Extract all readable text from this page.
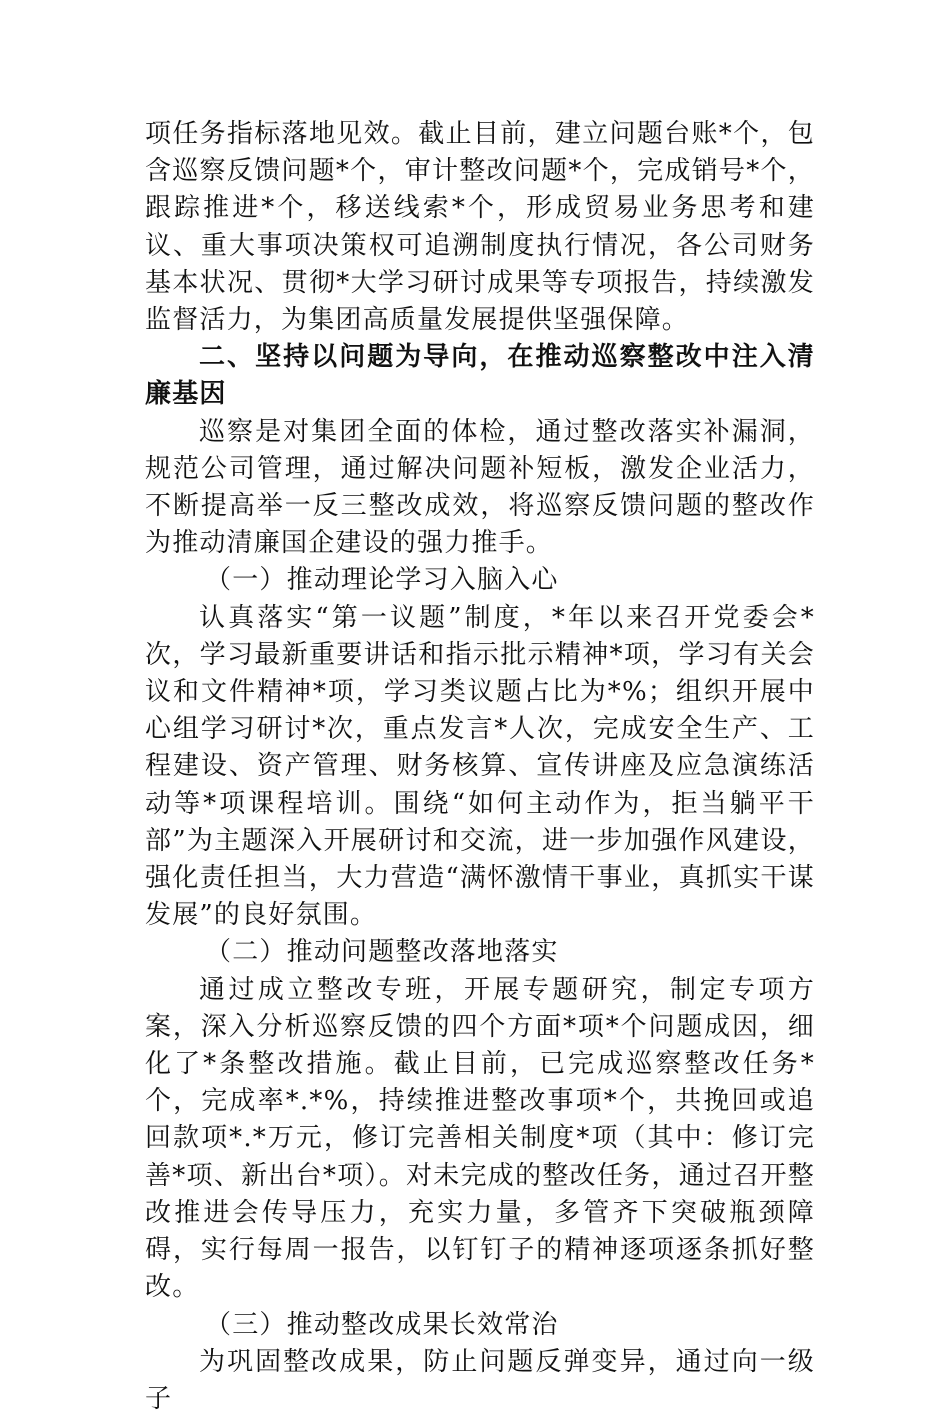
项任务指标落地见效。截止目前，建立问题台账*个，包含巡察反馈问题*个，审计整改问题*个，完成销号*个，跟踪推进*个，移送线索*个，形成贸易业务思考和建议、重大事项决策权可追溯制度执行情况，各公司财务基本状况、贯彻*大学习研讨成果等专项报告，持续激发监督活力，为集团高质量发展提供坚强保障。

二、坚持以问题为导向，在推动巡察整改中注入清廉基因

巡察是对集团全面的体检，通过整改落实补漏洞，规范公司管理，通过解决问题补短板，激发企业活力，不断提高举一反三整改成效，将巡察反馈问题的整改作为推动清廉国企建设的强力推手。

（一）推动理论学习入脑入心

认真落实“第一议题”制度，*年以来召开党委会*次，学习最新重要讲话和指示批示精神*项，学习有关会议和文件精神*项，学习类议题占比为*%；组织开展中心组学习研讨*次，重点发言*人次，完成安全生产、工程建设、资产管理、财务核算、宣传讲座及应急演练活动等*项课程培训。围绕“如何主动作为，拒当躺平干部”为主题深入开展研讨和交流，进一步加强作风建设，强化责任担当，大力营造“满怀激情干事业，真抓实干谋发展”的良好氛围。

（二）推动问题整改落地落实

通过成立整改专班，开展专题研究，制定专项方案，深入分析巡察反馈的四个方面*项*个问题成因，细化了*条整改措施。截止目前，已完成巡察整改任务*个，完成率*.*%，持续推进整改事项*个，共挽回或追回款项*.*万元，修订完善相关制度*项（其中：修订完善*项、新出台*项）。对未完成的整改任务，通过召开整改推进会传导压力，充实力量，多管齐下突破瓶颈障碍，实行每周一报告，以钉钉子的精神逐项逐条抓好整改。

（三）推动整改成果长效常治

为巩固整改成果，防止问题反弹变异，通过向一级子
